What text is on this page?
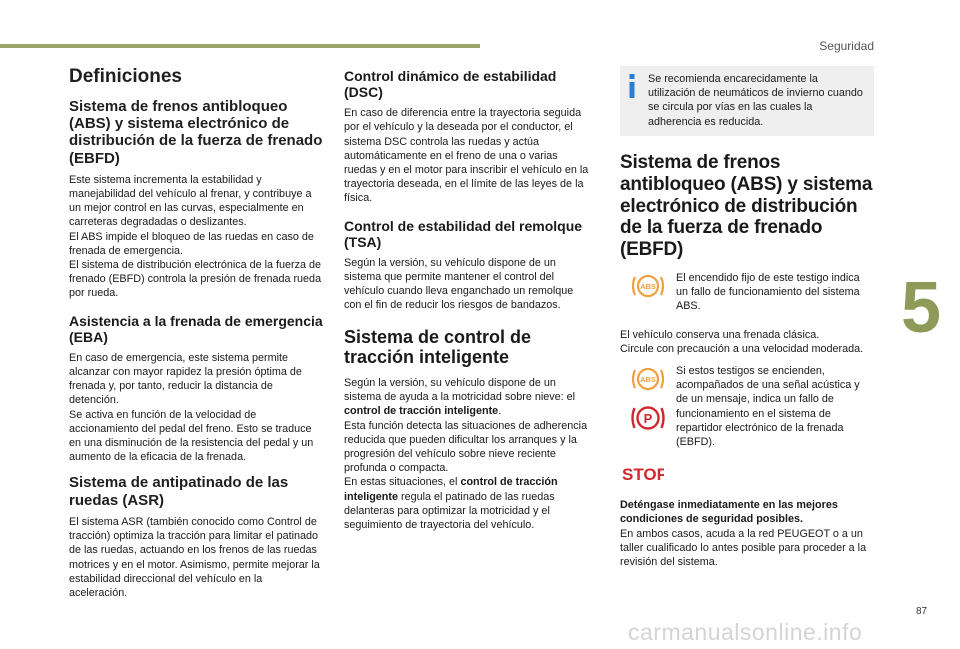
Seguridad
5
Definiciones
Sistema de frenos antibloqueo (ABS) y sistema electrónico de distribución de la fuerza de frenado (EBFD)

Este sistema incrementa la estabilidad y manejabilidad del vehículo al frenar, y contribuye a un mejor control en las curvas, especialmente en carreteras degradadas o deslizantes.
El ABS impide el bloqueo de las ruedas en caso de frenada de emergencia.
El sistema de distribución electrónica de la fuerza de frenado (EBFD) controla la presión de frenada rueda por rueda.

Asistencia a la frenada de emergencia (EBA)

En caso de emergencia, este sistema permite alcanzar con mayor rapidez la presión óptima de frenada y, por tanto, reducir la distancia de detención.
Se activa en función de la velocidad de accionamiento del pedal del freno. Esto se traduce en una disminución de la resistencia del pedal y un aumento de la eficacia de la frenada.

Sistema de antipatinado de las ruedas (ASR)

El sistema ASR (también conocido como Control de tracción) optimiza la tracción para limitar el patinado de las ruedas, actuando en los frenos de las ruedas motrices y en el motor. Asimismo, permite mejorar la estabilidad direccional del vehículo en la aceleración.

Control dinámico de estabilidad (DSC)

En caso de diferencia entre la trayectoria seguida por el vehículo y la deseada por el conductor, el sistema DSC controla las ruedas y actúa automáticamente en el freno de una o varias ruedas y en el motor para inscribir el vehículo en la trayectoria deseada, en el límite de las leyes de la física.

Control de estabilidad del remolque (TSA)

Según la versión, su vehículo dispone de un sistema que permite mantener el control del vehículo cuando lleva enganchado un remolque con el fin de reducir los riesgos de bandazos.

Sistema de control de tracción inteligente

Según la versión, su vehículo dispone de un sistema de ayuda a la motricidad sobre nieve: el control de tracción inteligente.
Esta función detecta las situaciones de adherencia reducida que pueden dificultar los arranques y la progresión del vehículo sobre nieve reciente profunda o compacta.
En estas situaciones, el control de tracción inteligente regula el patinado de las ruedas delanteras para optimizar la motricidad y el seguimiento de trayectoria del vehículo.

Se recomienda encarecidamente la utilización de neumáticos de invierno cuando se circula por vías en las cuales la adherencia es reducida.

Sistema de frenos antibloqueo (ABS) y sistema electrónico de distribución de la fuerza de frenado (EBFD)
ABS

El encendido fijo de este testigo indica un fallo de funcionamiento del sistema ABS.

El vehículo conserva una frenada clásica.
Circule con precaución a una velocidad moderada.

ABS
P

Si estos testigos se encienden, acompañados de una señal acústica y de un mensaje, indica un fallo de funcionamiento en el sistema de repartidor electrónico de la frenada (EBFD).

STOP

Deténgase inmediatamente en las mejores condiciones de seguridad posibles.

En ambos casos, acuda a la red PEUGEOT o a un taller cualificado lo antes posible para proceder a la revisión del sistema.

87
carmanualsonline.info
